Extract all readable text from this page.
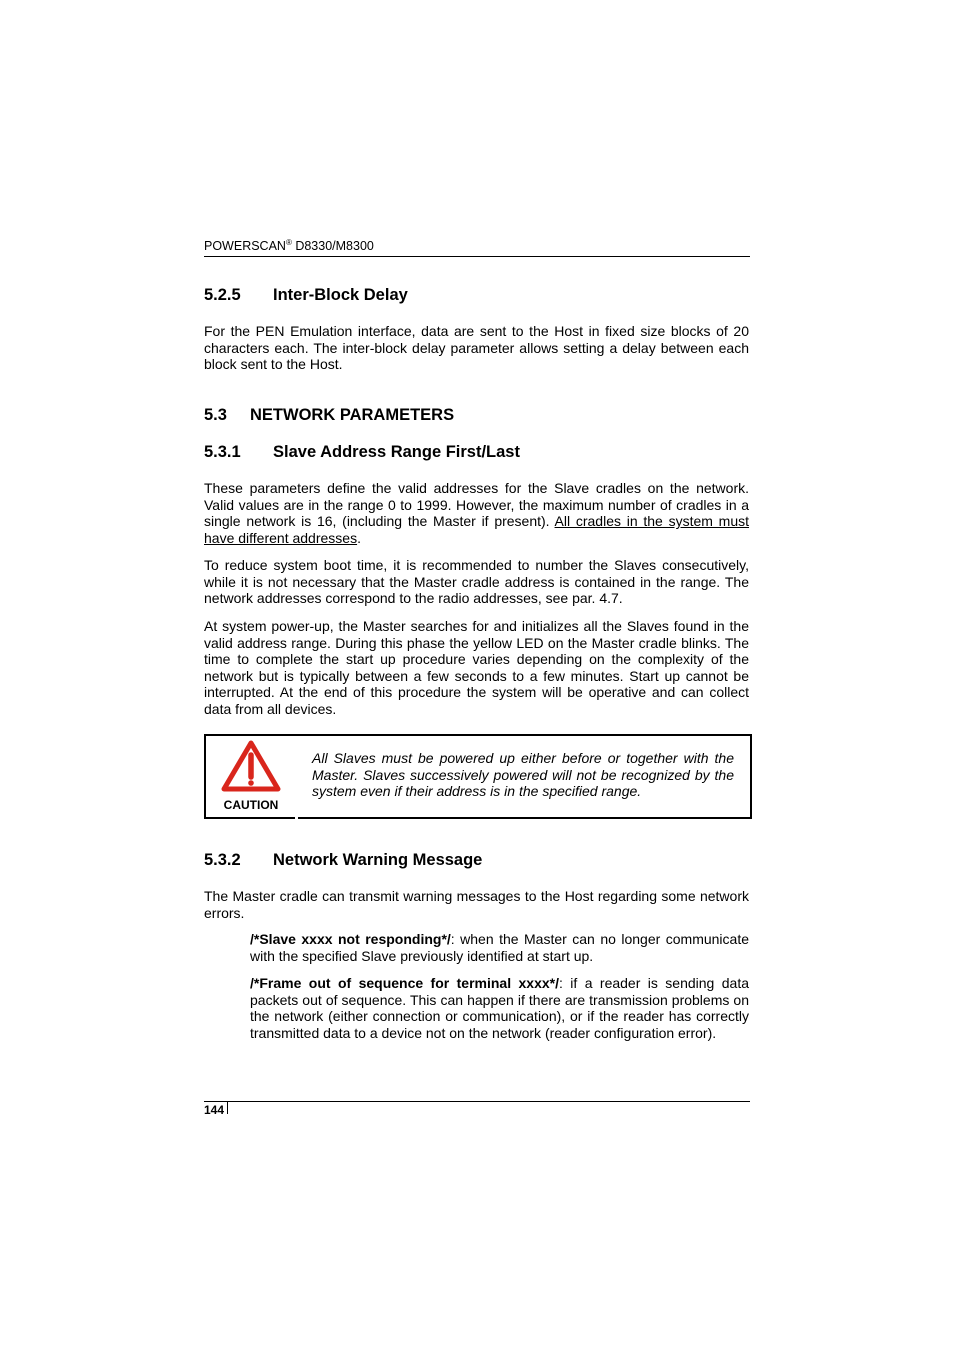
POWERSCAN® D8330/M8300
5.2.5 Inter-Block Delay

For the PEN Emulation interface, data are sent to the Host in fixed size blocks of 20 characters each. The inter-block delay parameter allows setting a delay between each block sent to the Host.

5.3 NETWORK PARAMETERS
5.3.1 Slave Address Range First/Last

These parameters define the valid addresses for the Slave cradles on the network. Valid values are in the range 0 to 1999. However, the maximum number of cradles in a single network is 16, (including the Master if present). All cradles in the system must have different addresses.

To reduce system boot time, it is recommended to number the Slaves consecutively, while it is not necessary that the Master cradle address is contained in the range. The network addresses correspond to the radio addresses, see par. 4.7.

At system power-up, the Master searches for and initializes all the Slaves found in the valid address range. During this phase the yellow LED on the Master cradle blinks. The time to complete the start up procedure varies depending on the complexity of the network but is typically between a few seconds to a few minutes. Start up cannot be interrupted. At the end of this procedure the system will be operative and can collect data from all devices.

CAUTION

All Slaves must be powered up either before or together with the Master. Slaves successively powered will not be recognized by the system even if their address is in the specified range.

5.3.2 Network Warning Message

The Master cradle can transmit warning messages to the Host regarding some network errors.

/*Slave xxxx not responding*/: when the Master can no longer communicate with the specified Slave previously identified at start up.

/*Frame out of sequence for terminal xxxx*/: if a reader is sending data packets out of sequence. This can happen if there are transmission problems on the network (either connection or communication), or if the reader has correctly transmitted data to a device not on the network (reader configuration error).

144
